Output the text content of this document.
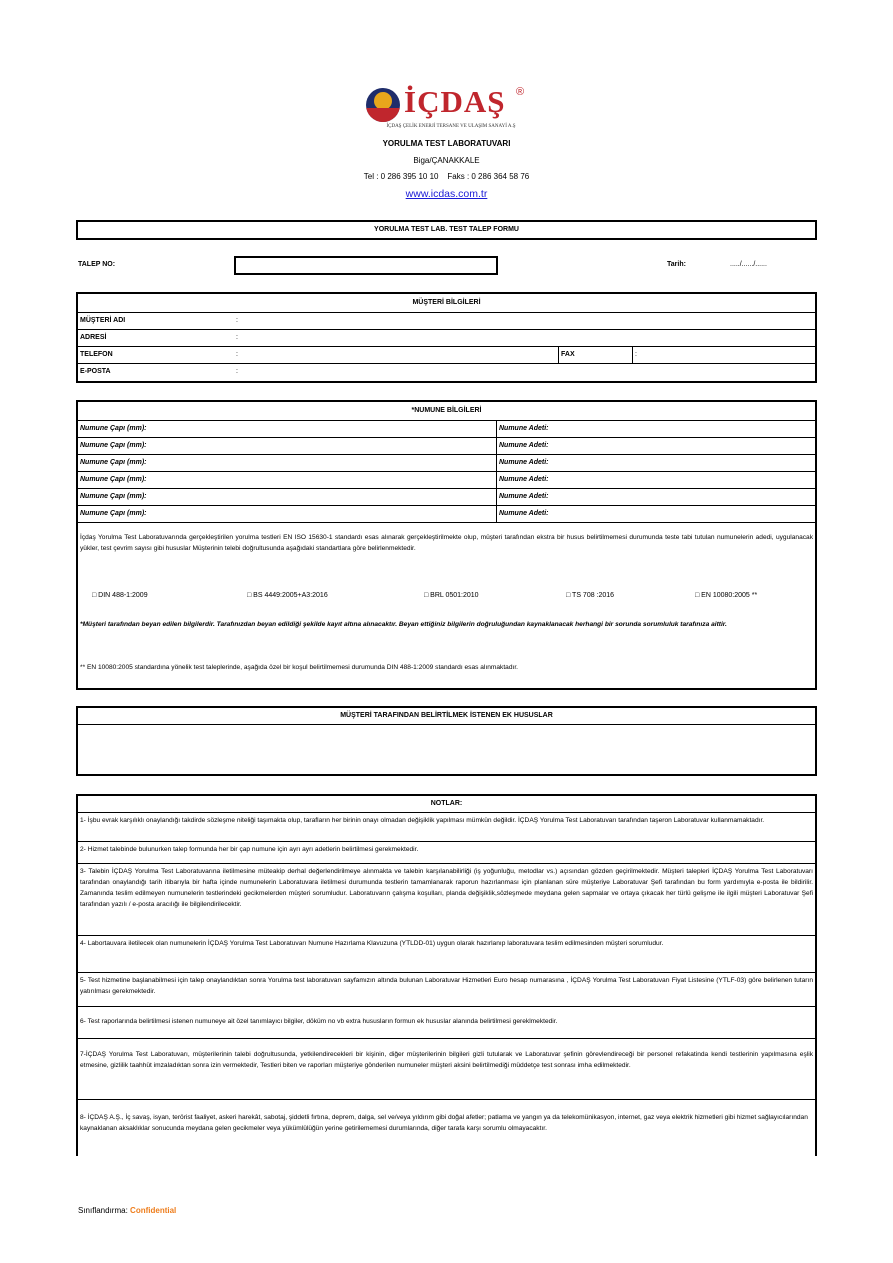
İÇDAŞ ®
İÇDAŞ ÇELİK ENERJİ TERSANE VE ULAŞIM SANAYİ A.Ş
YORULMA TEST LABORATUVARI
Biga/ÇANAKKALE
Tel : 0 286 395 10 10    Faks : 0 286 364 58 76
www.icdas.com.tr
YORULMA TEST LAB. TEST TALEP FORMU
TALEP NO:	Tarih:	...../....../......
MÜŞTERİ BİLGİLERİ
MÜŞTERİ ADI	:
ADRESİ	:
TELEFON	:	FAX	:
E-POSTA	:
*NUMUNE BİLGİLERİ
Numune Çapı (mm):	Numune Adeti:
Numune Çapı (mm):	Numune Adeti:
Numune Çapı (mm):	Numune Adeti:
Numune Çapı (mm):	Numune Adeti:
Numune Çapı (mm):	Numune Adeti:
Numune Çapı (mm):	Numune Adeti:
İçdaş Yorulma Test Laboratuvarında gerçekleştirilen yorulma testleri EN ISO 15630-1 standardı esas alınarak gerçekleştirilmekte olup, müşteri tarafından ekstra bir husus belirtilmemesi durumunda teste tabi tutulan numunelerin adedi, uygulanacak yükler, test çevrim sayısı gibi hususlar Müşterinin telebi doğrultusunda aşağıdaki standartlara göre belirlenmektedir.
□ DIN 488-1:2009	□ BS 4449:2005+A3:2016	□ BRL 0501:2010	□ TS 708 :2016	□ EN 10080:2005 **
*Müşteri tarafından beyan edilen bilgilerdir. Tarafınızdan beyan edildiği şekilde kayıt altına alınacaktır. Beyan ettiğiniz bilgilerin doğruluğundan kaynaklanacak herhangi bir sorunda sorumluluk tarafınıza aittir.
** EN 10080:2005 standardına yönelik test taleplerinde, aşağıda özel bir koşul belirtilmemesi durumunda DIN 488-1:2009 standardı esas alınmaktadır.
MÜŞTERİ TARAFINDAN BELİRTİLMEK İSTENEN EK HUSUSLAR
NOTLAR:
1- İşbu evrak karşılıklı onaylandığı takdirde sözleşme niteliği taşımakta olup, tarafların her birinin onayı olmadan değişiklik yapılması mümkün değildir. İÇDAŞ Yorulma Test Laboratuvarı tarafından taşeron Laboratuvar kullanmamaktadır.
2- Hizmet talebinde bulunurken talep formunda her bir çap numune için ayrı ayrı adetlerin belirtilmesi gerekmektedir.
3- Talebin İÇDAŞ Yorulma Test Laboratuvarına iletilmesine müteakip derhal değerlendirilmeye alınmakta ve talebin karşılanabilirliği (iş yoğunluğu, metodlar vs.) açısından gözden geçirilmektedir. Müşteri talepleri İÇDAŞ Yorulma Test Laboratuvarı tarafından onaylandığı tarih itibarıyla bir hafta içinde numunelerin Laboratuvara iletilmesi durumunda testlerin tamamlanarak raporun hazırlanması için planlanan süre müşteriye Laboratuvar Şefi tarafından bu form yardımıyla e-posta ile bildirilir. Zamanında teslim edilmeyen numunelerin testlerindeki gecikmelerden müşteri sorumludur. Laboratuvarın çalışma koşulları, planda değişiklik,sözleşmede meydana gelen sapmalar ve ortaya çıkacak her türlü gelişme ile ilgili müşteri Laboratuvar Şefi tarafından yazılı / e-posta aracılığı ile bilgilendirilecektir.
4- Labortauvara iletilecek olan numunelerin İÇDAŞ Yorulma Test Laboratuvarı Numune Hazırlama Klavuzuna (YTLDD-01) uygun olarak hazırlanıp laboratuvara teslim edilmesinden müşteri sorumludur.
5- Test hizmetine başlanabilmesi için talep onaylandıktan sonra Yorulma test laboratuvarı sayfamızın altında bulunan Laboratuvar Hizmetleri Euro hesap numarasına , İÇDAŞ Yorulma Test Laboratuvarı Fiyat Listesine (YTLF-03) göre belirlenen tutarın yatırılması gerekmektedir.
6- Test raporlarında belirtilmesi istenen numuneye ait özel tanımlayıcı bilgiler, döküm no vb extra hususların formun ek hususlar alanında belirtilmesi gereklmektedir.
7-İÇDAŞ Yorulma Test Laboratuvarı, müşterilerinin talebi doğrultusunda, yetkilendirecekleri bir kişinin, diğer müşterilerinin bilgileri gizli tutularak ve Laboratuvar şefinin görevlendireceği bir personel refakatinda kendi testlerinin yapılmasına eşlik etmesine, gizlilik taahhüt imzaladıktan sonra izin vermektedir, Testleri biten ve raporları müşteriye gönderilen numuneler müşteri aksini belirtilmediği müddetçe test sonrası imha edilmektedir.
8- İÇDAŞ A.Ş., İç savaş, isyan, terörist faaliyet, askeri harekât, sabotaj, şiddetli fırtına, deprem, dalga, sel ve/veya yıldırım gibi doğal afetler; patlama ve yangın ya da telekomünikasyon, internet, gaz veya elektrik hizmetleri gibi hizmet sağlayıcılarından kaynaklanan aksaklıklar sonucunda meydana gelen gecikmeler veya yükümlülüğün yerine getirilememesi durumlarında, diğer tarafa karşı sorumlu olmayacaktır.
Sınıflandırma: Confidential
